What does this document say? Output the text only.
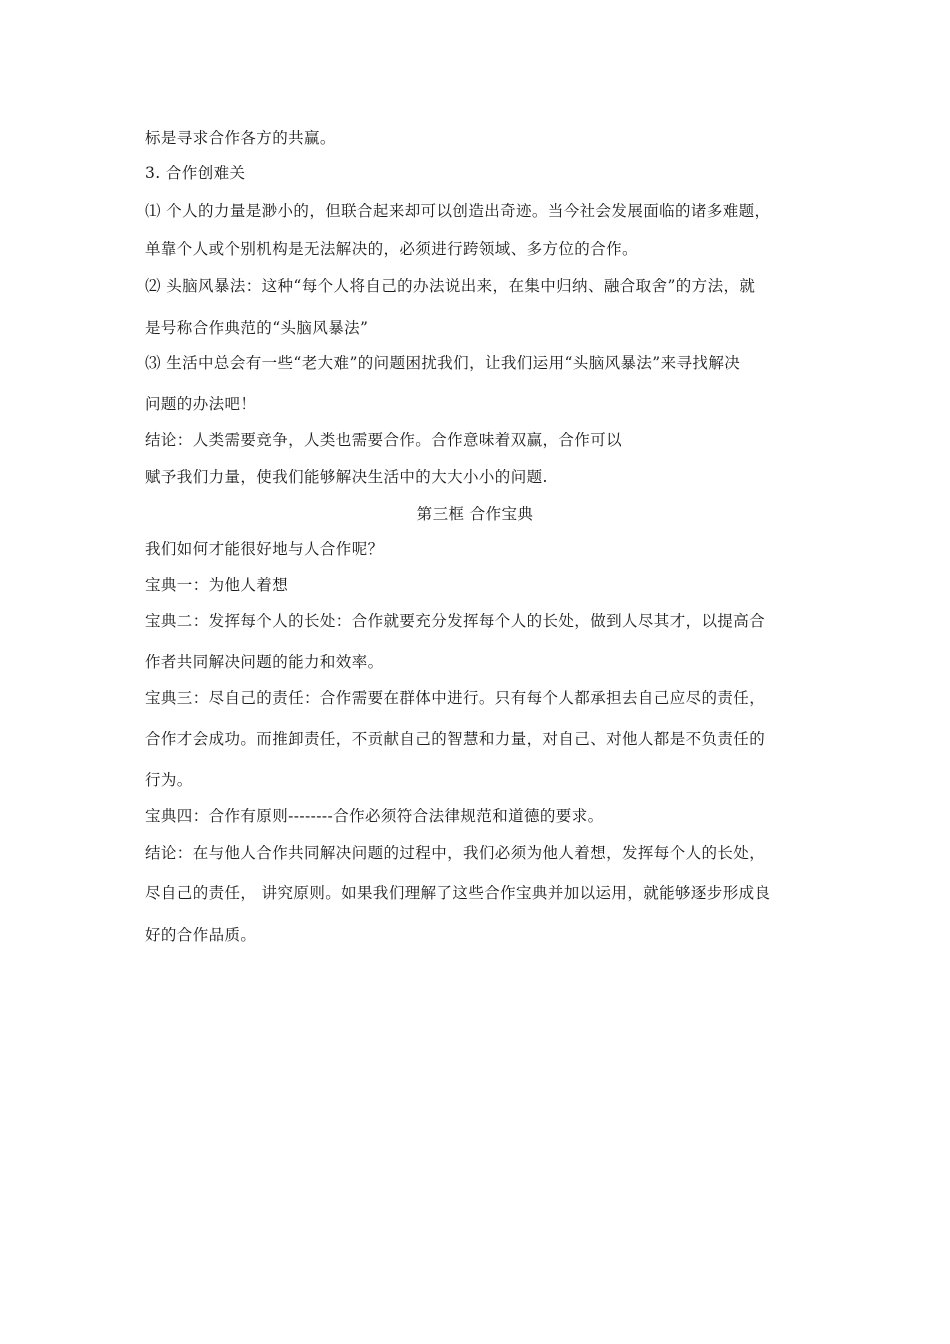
标是寻求合作各方的共赢。
3. 合作创难关
⑴ 个人的力量是渺小的，但联合起来却可以创造出奇迹。当今社会发展面临的诸多难题，
单靠个人或个别机构是无法解决的，必须进行跨领域、多方位的合作。
⑵ 头脑风暴法：这种“每个人将自己的办法说出来，在集中归纳、融合取舍”的方法，就
是号称合作典范的“头脑风暴法”
⑶ 生活中总会有一些“老大难”的问题困扰我们，让我们运用“头脑风暴法”来寻找解决
问题的办法吧！
结论：人类需要竞争，人类也需要合作。合作意味着双赢，合作可以
赋予我们力量，使我们能够解决生活中的大大小小的问题.
第三框 合作宝典
我们如何才能很好地与人合作呢？
宝典一：为他人着想
宝典二：发挥每个人的长处：合作就要充分发挥每个人的长处，做到人尽其才，以提高合
作者共同解决问题的能力和效率。
宝典三：尽自己的责任：合作需要在群体中进行。只有每个人都承担去自己应尽的责任，
合作才会成功。而推卸责任，不贡献自己的智慧和力量，对自己、对他人都是不负责任的
行为。
宝典四：合作有原则--------合作必须符合法律规范和道德的要求。
结论：在与他人合作共同解决问题的过程中，我们必须为他人着想，发挥每个人的长处，
尽自己的责任， 讲究原则。如果我们理解了这些合作宝典并加以运用，就能够逐步形成良
好的合作品质。
